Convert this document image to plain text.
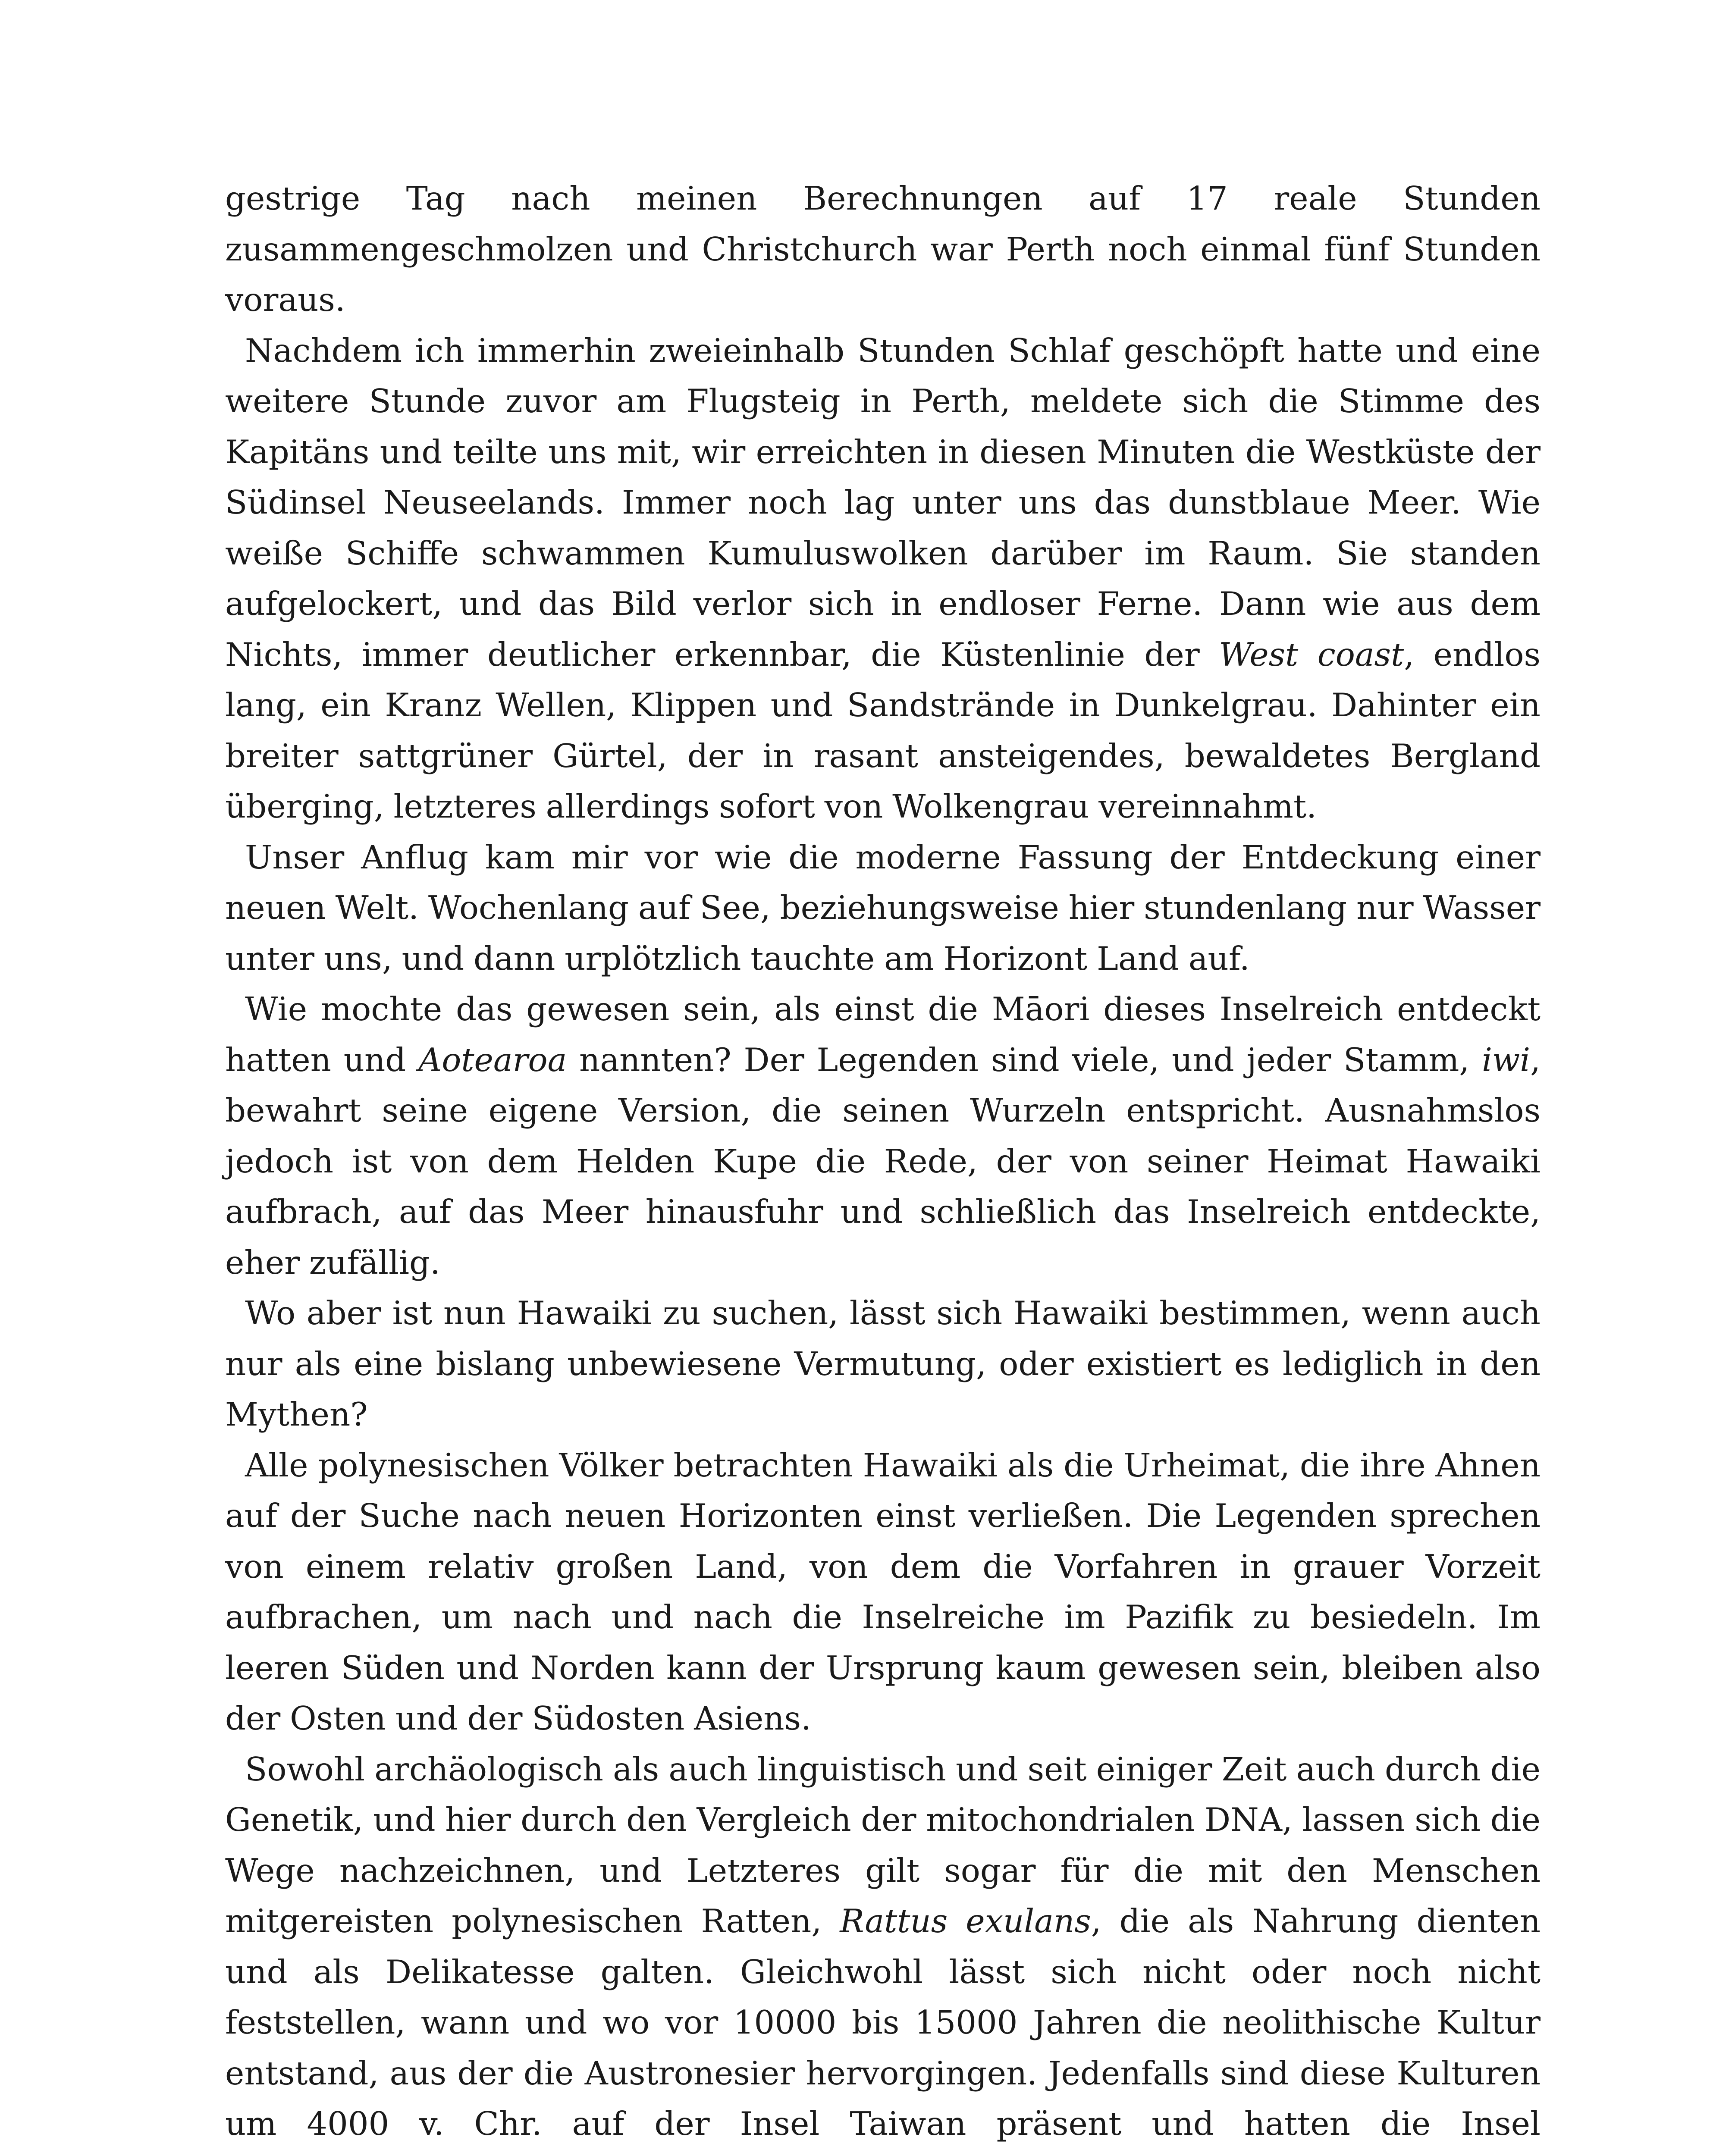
gestrige Tag nach meinen Berechnungen auf 17 reale Stunden zusammengeschmolzen und Christchurch war Perth noch einmal fünf Stunden voraus.

Nachdem ich immerhin zweieinhalb Stunden Schlaf geschöpft hatte und eine weitere Stunde zuvor am Flugsteig in Perth, meldete sich die Stimme des Kapitäns und teilte uns mit, wir erreichten in diesen Minuten die Westküste der Südinsel Neuseelands. Immer noch lag unter uns das dunstblaue Meer. Wie weiße Schiffe schwammen Kumuluswolken darüber im Raum. Sie standen aufgelockert, und das Bild verlor sich in endloser Ferne. Dann wie aus dem Nichts, immer deutlicher erkennbar, die Küstenlinie der West coast, endlos lang, ein Kranz Wellen, Klippen und Sandstrände in Dunkelgrau. Dahinter ein breiter sattgrüner Gürtel, der in rasant ansteigendes, bewaldetes Bergland überging, letzteres allerdings sofort von Wolkengrau vereinnahmt.

Unser Anflug kam mir vor wie die moderne Fassung der Entdeckung einer neuen Welt. Wochenlang auf See, beziehungsweise hier stundenlang nur Wasser unter uns, und dann urplötzlich tauchte am Horizont Land auf.

Wie mochte das gewesen sein, als einst die Māori dieses Inselreich entdeckt hatten und Aotearoa nannten? Der Legenden sind viele, und jeder Stamm, iwi, bewahrt seine eigene Version, die seinen Wurzeln entspricht. Ausnahmslos jedoch ist von dem Helden Kupe die Rede, der von seiner Heimat Hawaiki aufbrach, auf das Meer hinausfuhr und schließlich das Inselreich entdeckte, eher zufällig.

Wo aber ist nun Hawaiki zu suchen, lässt sich Hawaiki bestimmen, wenn auch nur als eine bislang unbewiesene Vermutung, oder existiert es lediglich in den Mythen?

Alle polynesischen Völker betrachten Hawaiki als die Urheimat, die ihre Ahnen auf der Suche nach neuen Horizonten einst verließen. Die Legenden sprechen von einem relativ großen Land, von dem die Vorfahren in grauer Vorzeit aufbrachen, um nach und nach die Inselreiche im Pazifik zu besiedeln. Im leeren Süden und Norden kann der Ursprung kaum gewesen sein, bleiben also der Osten und der Südosten Asiens.

Sowohl archäologisch als auch linguistisch und seit einiger Zeit auch durch die Genetik, und hier durch den Vergleich der mitochondrialen DNA, lassen sich die Wege nachzeichnen, und Letzteres gilt sogar für die mit den Menschen mitgereisten polynesischen Ratten, Rattus exulans, die als Nahrung dienten und als Delikatesse galten. Gleichwohl lässt sich nicht oder noch nicht feststellen, wann und wo vor 10000 bis 15000 Jahren die neolithische Kultur entstand, aus der die Austronesier hervorgingen. Jedenfalls sind diese Kulturen um 4000 v. Chr. auf der Insel Taiwan präsent und hatten die Insel
